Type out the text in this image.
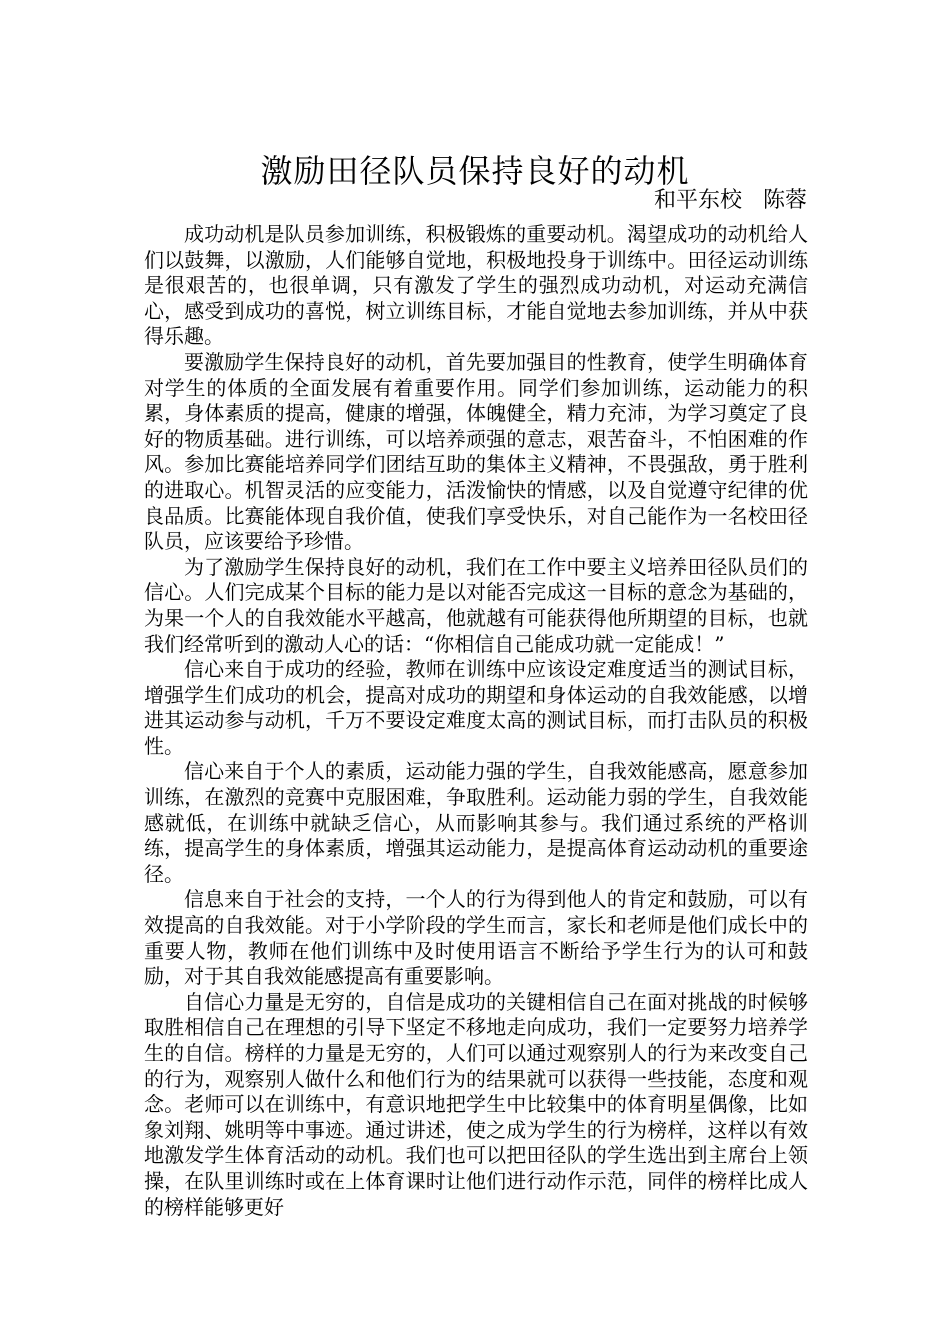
激励田径队员保持良好的动机
和平东校   陈蓉

成功动机是队员参加训练，积极锻炼的重要动机。渴望成功的动机给人们以鼓舞，以激励，人们能够自觉地，积极地投身于训练中。田径运动训练是很艰苦的，也很单调，只有激发了学生的强烈成功动机，对运动充满信心，感受到成功的喜悦，树立训练目标，才能自觉地去参加训练，并从中获得乐趣。

要激励学生保持良好的动机，首先要加强目的性教育，使学生明确体育对学生的体质的全面发展有着重要作用。同学们参加训练，运动能力的积累，身体素质的提高，健康的增强，体魄健全，精力充沛，为学习奠定了良好的物质基础。进行训练，可以培养顽强的意志，艰苦奋斗，不怕困难的作风。参加比赛能培养同学们团结互助的集体主义精神，不畏强敌，勇于胜利的进取心。机智灵活的应变能力，活泼愉快的情感，以及自觉遵守纪律的优良品质。比赛能体现自我价值，使我们享受快乐，对自己能作为一名校田径队员，应该要给予珍惜。

为了激励学生保持良好的动机，我们在工作中要主义培养田径队员们的信心。人们完成某个目标的能力是以对能否完成这一目标的意念为基础的，为果一个人的自我效能水平越高，他就越有可能获得他所期望的目标，也就我们经常听到的激动人心的话：“你相信自己能成功就一定能成！”

信心来自于成功的经验，教师在训练中应该设定难度适当的测试目标，增强学生们成功的机会，提高对成功的期望和身体运动的自我效能感，以增进其运动参与动机，千万不要设定难度太高的测试目标，而打击队员的积极性。

信心来自于个人的素质，运动能力强的学生，自我效能感高，愿意参加训练，在激烈的竞赛中克服困难，争取胜利。运动能力弱的学生，自我效能感就低，在训练中就缺乏信心，从而影响其参与。我们通过系统的严格训练，提高学生的身体素质，增强其运动能力，是提高体育运动动机的重要途径。

信息来自于社会的支持，一个人的行为得到他人的肯定和鼓励，可以有效提高的自我效能。对于小学阶段的学生而言，家长和老师是他们成长中的重要人物，教师在他们训练中及时使用语言不断给予学生行为的认可和鼓励，对于其自我效能感提高有重要影响。

自信心力量是无穷的，自信是成功的关键相信自己在面对挑战的时候够取胜相信自己在理想的引导下坚定不移地走向成功，我们一定要努力培养学生的自信。榜样的力量是无穷的，人们可以通过观察别人的行为来改变自己的行为，观察别人做什么和他们行为的结果就可以获得一些技能，态度和观念。老师可以在训练中，有意识地把学生中比较集中的体育明星偶像，比如象刘翔、姚明等中事迹。通过讲述，使之成为学生的行为榜样，这样以有效地激发学生体育活动的动机。我们也可以把田径队的学生选出到主席台上领操，在队里训练时或在上体育课时让他们进行动作示范，同伴的榜样比成人的榜样能够更好
